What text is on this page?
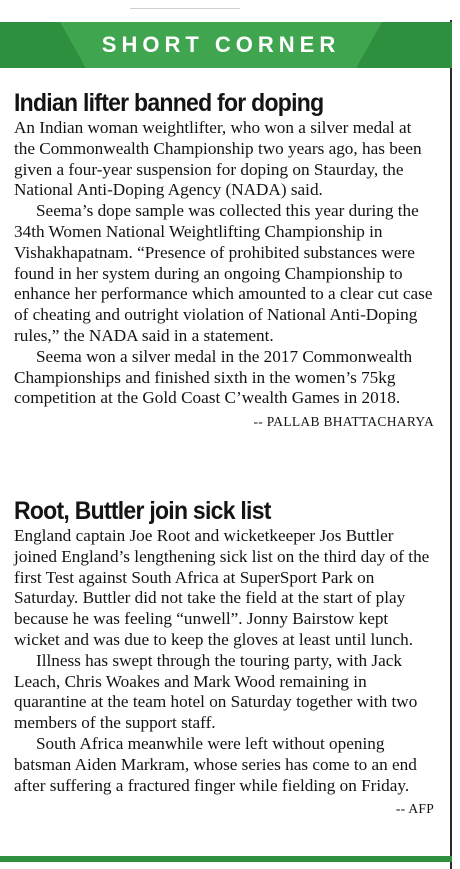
SHORT CORNER
Indian lifter banned for doping

An Indian woman weightlifter, who won a silver medal at the Commonwealth Championship two years ago, has been given a four-year suspension for doping on Staurday, the National Anti-Doping Agency (NADA) said.

Seema’s dope sample was collected this year during the 34th Women National Weightlifting Championship in Vishakhapatnam. “Presence of prohibited substances were found in her system during an ongoing Championship to enhance her performance which amounted to a clear cut case of cheating and outright violation of National Anti-Doping rules,” the NADA said in a statement.

Seema won a silver medal in the 2017 Commonwealth Championships and finished sixth in the women’s 75kg competition at the Gold Coast C’wealth Games in 2018.
-- PALLAB BHATTACHARYA

Root, Buttler join sick list

England captain Joe Root and wicketkeeper Jos Buttler joined England’s lengthening sick list on the third day of the first Test against South Africa at SuperSport Park on Saturday. Buttler did not take the field at the start of play because he was feeling “unwell”. Jonny Bairstow kept wicket and was due to keep the gloves at least until lunch.

Illness has swept through the touring party, with Jack Leach, Chris Woakes and Mark Wood remaining in quarantine at the team hotel on Saturday together with two members of the support staff.

South Africa meanwhile were left without opening batsman Aiden Markram, whose series has come to an end after suffering a fractured finger while fielding on Friday.
-- AFP
